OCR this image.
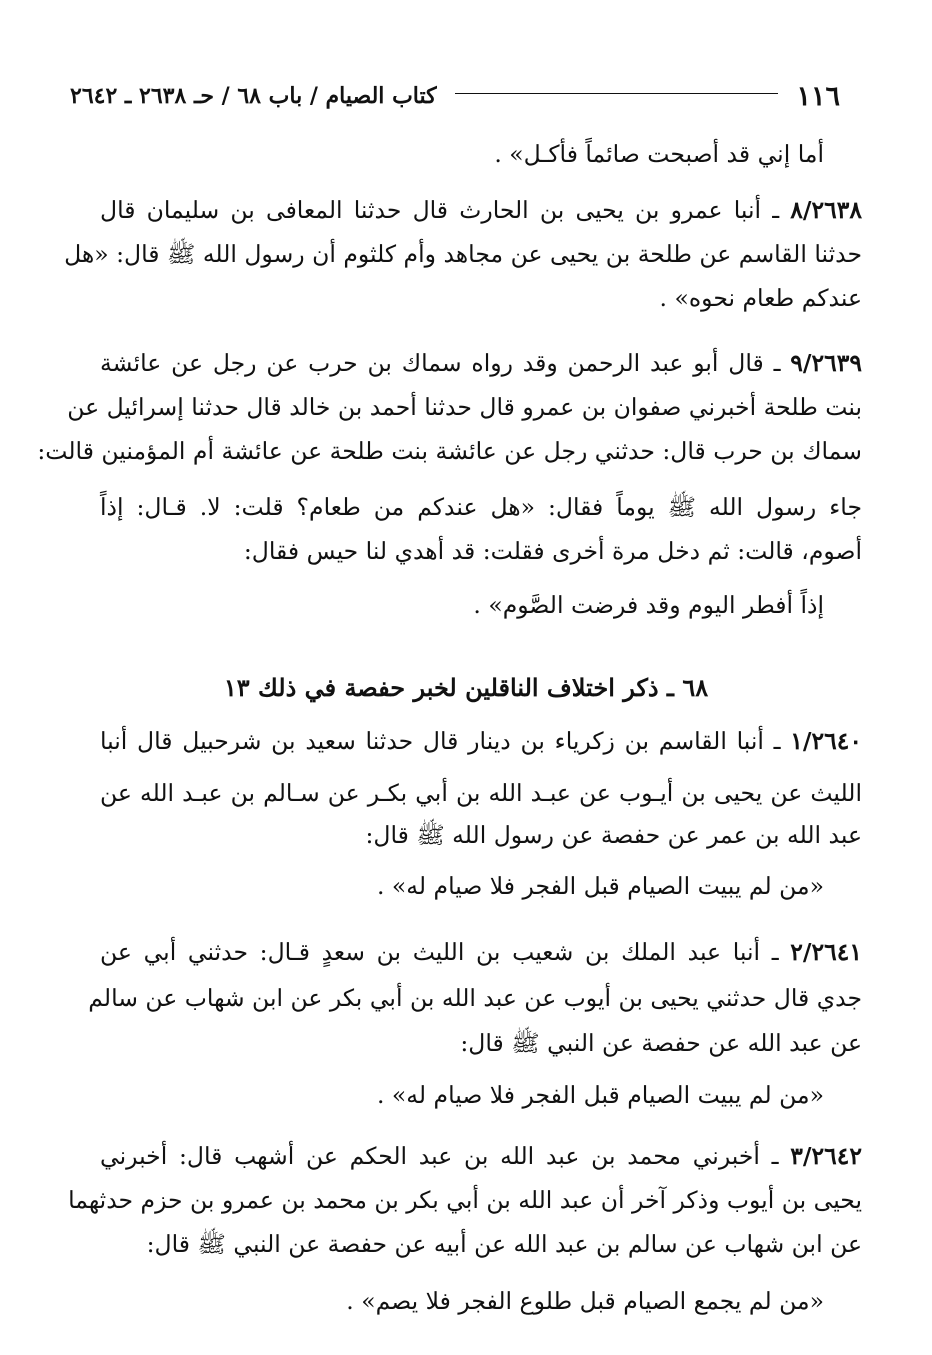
١١٦
كتاب الصيام / باب ٦٨ / حـ ٢٦٣٨ ـ ٢٦٤٢
أما إني قد أصبحت صائماً فأكـل» .
٨/٢٦٣٨ ـ أنبا عمرو بن يحيى بن الحارث قال حدثنا المعافى بن سليمان قال
حدثنا القاسم عن طلحة بن يحيى عن مجاهد وأم كلثوم أن رسول الله ﷺ قال: «هل
عندكم طعام نحوه» .
٩/٢٦٣٩ ـ قال أبو عبد الرحمن وقد رواه سماك بن حرب عن رجل عن عائشة
بنت طلحة أخبرني صفوان بن عمرو قال حدثنا أحمد بن خالد قال حدثنا إسرائيل عن
سماك بن حرب قال: حدثني رجل عن عائشة بنت طلحة عن عائشة أم المؤمنين قالت:
جاء رسول الله ﷺ يوماً فقال: «هل عندكم من طعام؟ قلت: لا. قـال: إذاً
أصوم، قالت: ثم دخل مرة أخرى فقلت: قد أهدي لنا حيس فقال:
إذاً أفطر اليوم وقد فرضت الصَّوم» .
٦٨ ـ ذكر اختلاف الناقلين لخبر حفصة في ذلك ١٣
١/٢٦٤٠ ـ أنبا القاسم بن زكرياء بن دينار قال حدثنا سعيد بن شرحبيل قال أنبا
الليث عن يحيى بن أيـوب عن عبـد الله بن أبي بكـر عن سـالم بن عبـد الله عن
عبد الله بن عمر عن حفصة عن رسول الله ﷺ قال:
«من لم يبيت الصيام قبل الفجر فلا صيام له» .
٢/٢٦٤١ ـ أنبا عبد الملك بن شعيب بن الليث بن سعدٍ قـال: حدثني أبي عن
جدي قال حدثني يحيى بن أيوب عن عبد الله بن أبي بكر عن ابن شهاب عن سالم
عن عبد الله عن حفصة عن النبي ﷺ قال:
«من لم يبيت الصيام قبل الفجر فلا صيام له» .
٣/٢٦٤٢ ـ أخبرني محمد بن عبد الله بن عبد الحكم عن أشهب قال: أخبرني
يحيى بن أيوب وذكر آخر أن عبد الله بن أبي بكر بن محمد بن عمرو بن حزم حدثهما
عن ابن شهاب عن سالم بن عبد الله عن أبيه عن حفصة عن النبي ﷺ قال:
«من لم يجمع الصيام قبل طلوع الفجر فلا يصم» .
